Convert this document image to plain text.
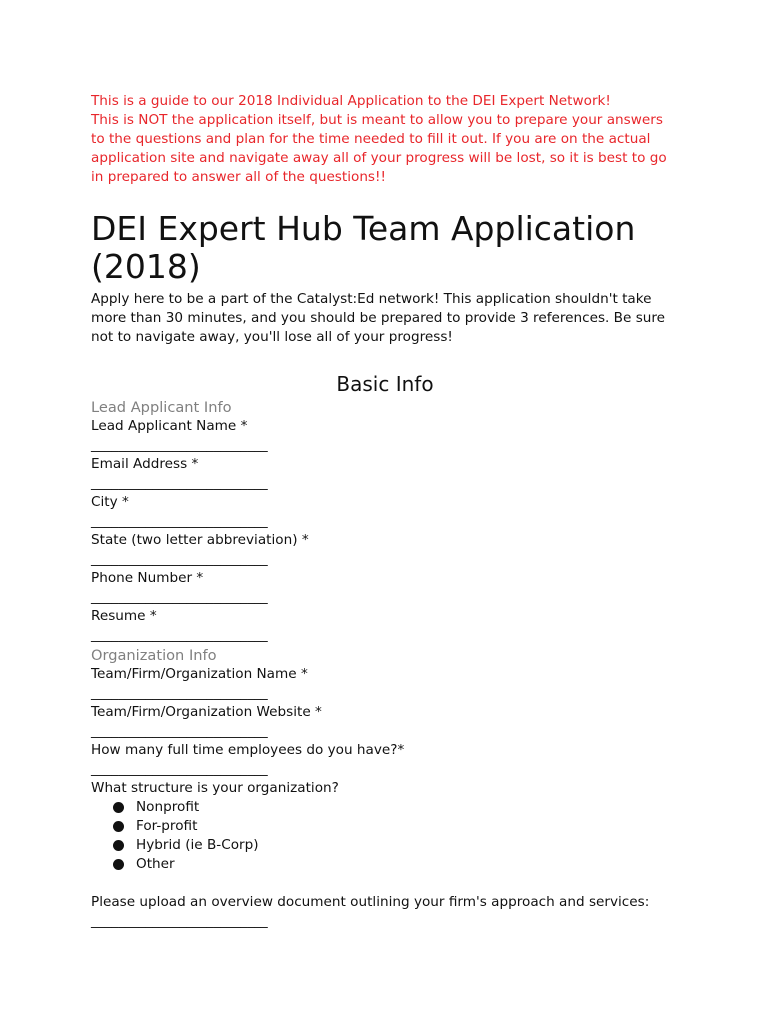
This is a guide to our 2018 Individual Application to the DEI Expert Network!
This is NOT the application itself, but is meant to allow you to prepare your answers
to the questions and plan for the time needed to fill it out. If you are on the actual
application site and navigate away all of your progress will be lost, so it is best to go
in prepared to answer all of the questions!!
DEI Expert Hub Team Application
(2018)
Apply here to be a part of the Catalyst:Ed network! This application shouldn't take
more than 30 minutes, and you should be prepared to provide 3 references. Be sure
not to navigate away, you'll lose all of your progress!
Basic Info
Lead Applicant Info
Lead Applicant Name *
__________________________
Email Address *
__________________________
City *
__________________________
State (two letter abbreviation) *
__________________________
Phone Number *
__________________________
Resume *
__________________________
Organization Info
Team/Firm/Organization Name *
__________________________
Team/Firm/Organization Website *
__________________________
How many full time employees do you have?*
__________________________
What structure is your organization?
Nonprofit
For-profit
Hybrid (ie B-Corp)
Other
Please upload an overview document outlining your firm's approach and services:
__________________________
